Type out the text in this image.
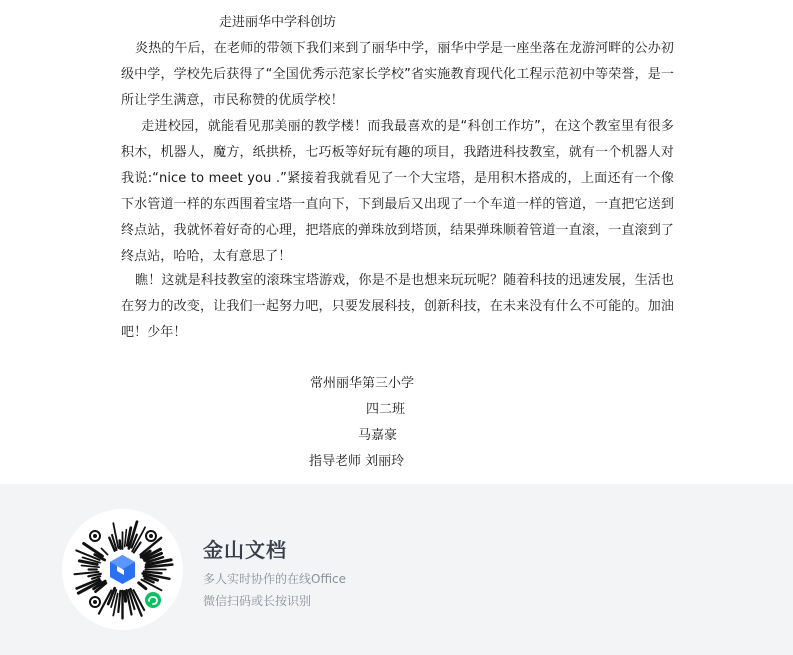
走进丽华中学科创坊

炎热的午后，在老师的带领下我们来到了丽华中学，丽华中学是一座坐落在龙游河畔的公办初级中学，学校先后获得了“全国优秀示范家长学校”省实施教育现代化工程示范初中等荣誉，是一所让学生满意，市民称赞的优质学校！

走进校园，就能看见那美丽的教学楼！而我最喜欢的是“科创工作坊”，在这个教室里有很多积木，机器人，魔方，纸拱桥，七巧板等好玩有趣的项目，我踏进科技教室，就有一个机器人对我说:“nice to meet you .”紧接着我就看见了一个大宝塔，是用积木搭成的，上面还有一个像下水管道一样的东西围着宝塔一直向下，下到最后又出现了一个车道一样的管道，一直把它送到终点站，我就怀着好奇的心理，把塔底的弹珠放到塔顶，结果弹珠顺着管道一直滚，一直滚到了终点站，哈哈，太有意思了！

瞧！这就是科技教室的滚珠宝塔游戏，你是不是也想来玩玩呢？随着科技的迅速发展，生活也在努力的改变，让我们一起努力吧，只要发展科技，创新科技，在未来没有什么不可能的。加油吧！少年！

常州丽华第三小学
四二班
马嘉豪
指导老师 刘丽玲
金山文档
多人实时协作的在线Office
微信扫码或长按识别
